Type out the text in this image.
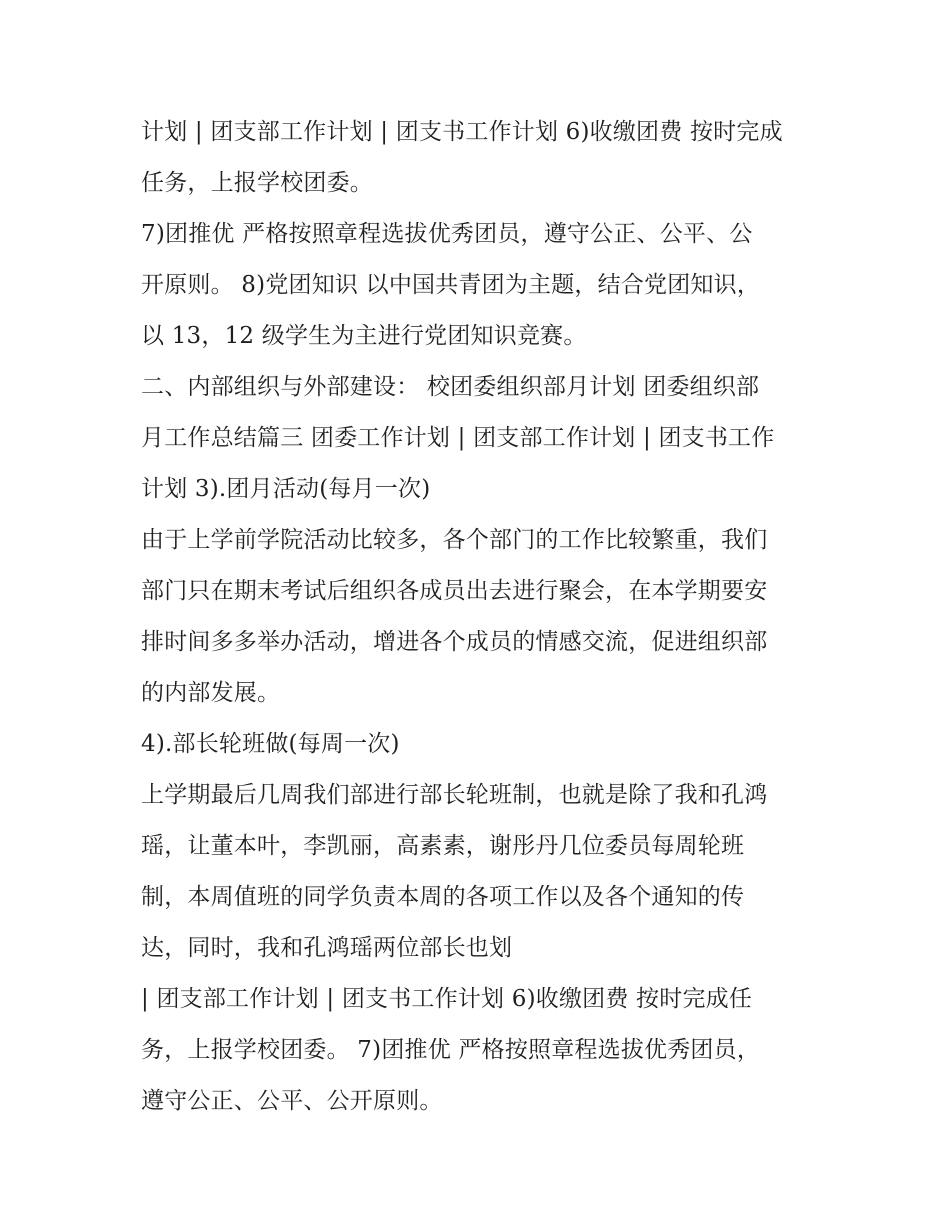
计划 | 团支部工作计划 | 团支书工作计划 6)收缴团费 按时完成
任务，上报学校团委。
7)团推优 严格按照章程选拔优秀团员，遵守公正、公平、公
开原则。 8)党团知识 以中国共青团为主题，结合党团知识，
以 13，12 级学生为主进行党团知识竞赛。
二、内部组织与外部建设： 校团委组织部月计划 团委组织部
月工作总结篇三 团委工作计划 | 团支部工作计划 | 团支书工作
计划 3).团月活动(每月一次)
由于上学前学院活动比较多，各个部门的工作比较繁重，我们
部门只在期末考试后组织各成员出去进行聚会，在本学期要安
排时间多多举办活动，增进各个成员的情感交流，促进组织部
的内部发展。
4).部长轮班做(每周一次)
上学期最后几周我们部进行部长轮班制，也就是除了我和孔鸿
瑶，让董本叶，李凯丽，高素素，谢彤丹几位委员每周轮班
制，本周值班的同学负责本周的各项工作以及各个通知的传
达，同时，我和孔鸿瑶两位部长也划
| 团支部工作计划 | 团支书工作计划 6)收缴团费 按时完成任
务，上报学校团委。 7)团推优 严格按照章程选拔优秀团员，
遵守公正、公平、公开原则。
